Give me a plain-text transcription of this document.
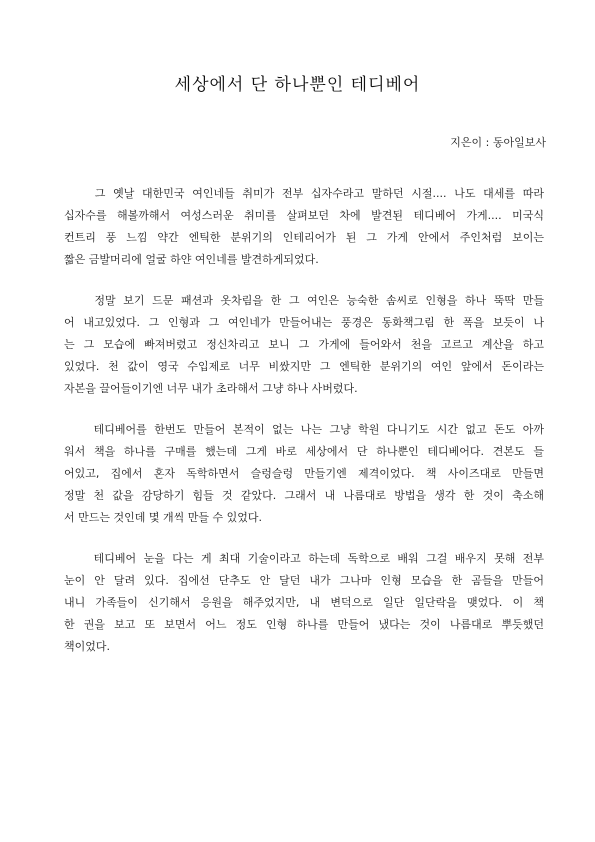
세상에서 단 하나뿐인 테디베어
지은이 : 동아일보사
그 옛날 대한민국 여인네들 취미가 전부 십자수라고 말하던 시절.... 나도 대세를 따라
십자수를 해볼까해서 여성스러운 취미를 살펴보던 차에 발견된 테디베어 가게.... 미국식
컨트리 풍 느낌 약간 엔틱한 분위기의 인테리어가 된 그 가게 안에서 주인처럼 보이는
짧은 금발머리에 얼굴 하얀 여인네를 발견하게되었다.
정말 보기 드문 패션과 옷차림을 한 그 여인은 능숙한 솜씨로 인형을 하나 뚝딱 만들
어 내고있었다. 그 인형과 그 여인네가 만들어내는 풍경은 동화책그림 한 폭을 보듯이 나
는 그 모습에 빠져버렸고 정신차리고 보니 그 가게에 들어와서 천을 고르고 계산을 하고
있었다. 천 값이 영국 수입제로 너무 비쌌지만 그 엔틱한 분위기의 여인 앞에서 돈이라는
자본을 끌어들이기엔 너무 내가 초라해서 그냥 하나 사버렸다.
테디베어를 한번도 만들어 본적이 없는 나는 그냥 학원 다니기도 시간 없고 돈도 아까
워서 책을 하나를 구매를 했는데 그게 바로 세상에서 단 하나뿐인 테디베어다. 견본도 들
어있고, 집에서 혼자 독학하면서 슬렁슬렁 만들기엔 제격이었다. 책 사이즈대로 만들면
정말 천 값을 감당하기 힘들 것 같았다. 그래서 내 나름대로 방법을 생각 한 것이 축소해
서 만드는 것인데 몇 개씩 만들 수 있었다.
테디베어 눈을 다는 게 최대 기술이라고 하는데 독학으로 배워 그걸 배우지 못해 전부
눈이 안 달려 있다. 집에선 단추도 안 달던 내가 그나마 인형 모습을 한 곰들을 만들어
내니 가족들이 신기해서 응원을 해주었지만, 내 변덕으로 일단 일단락을 맺었다. 이 책
한 권을 보고 또 보면서 어느 정도 인형 하나를 만들어 냈다는 것이 나름대로 뿌듯했던
책이었다.
